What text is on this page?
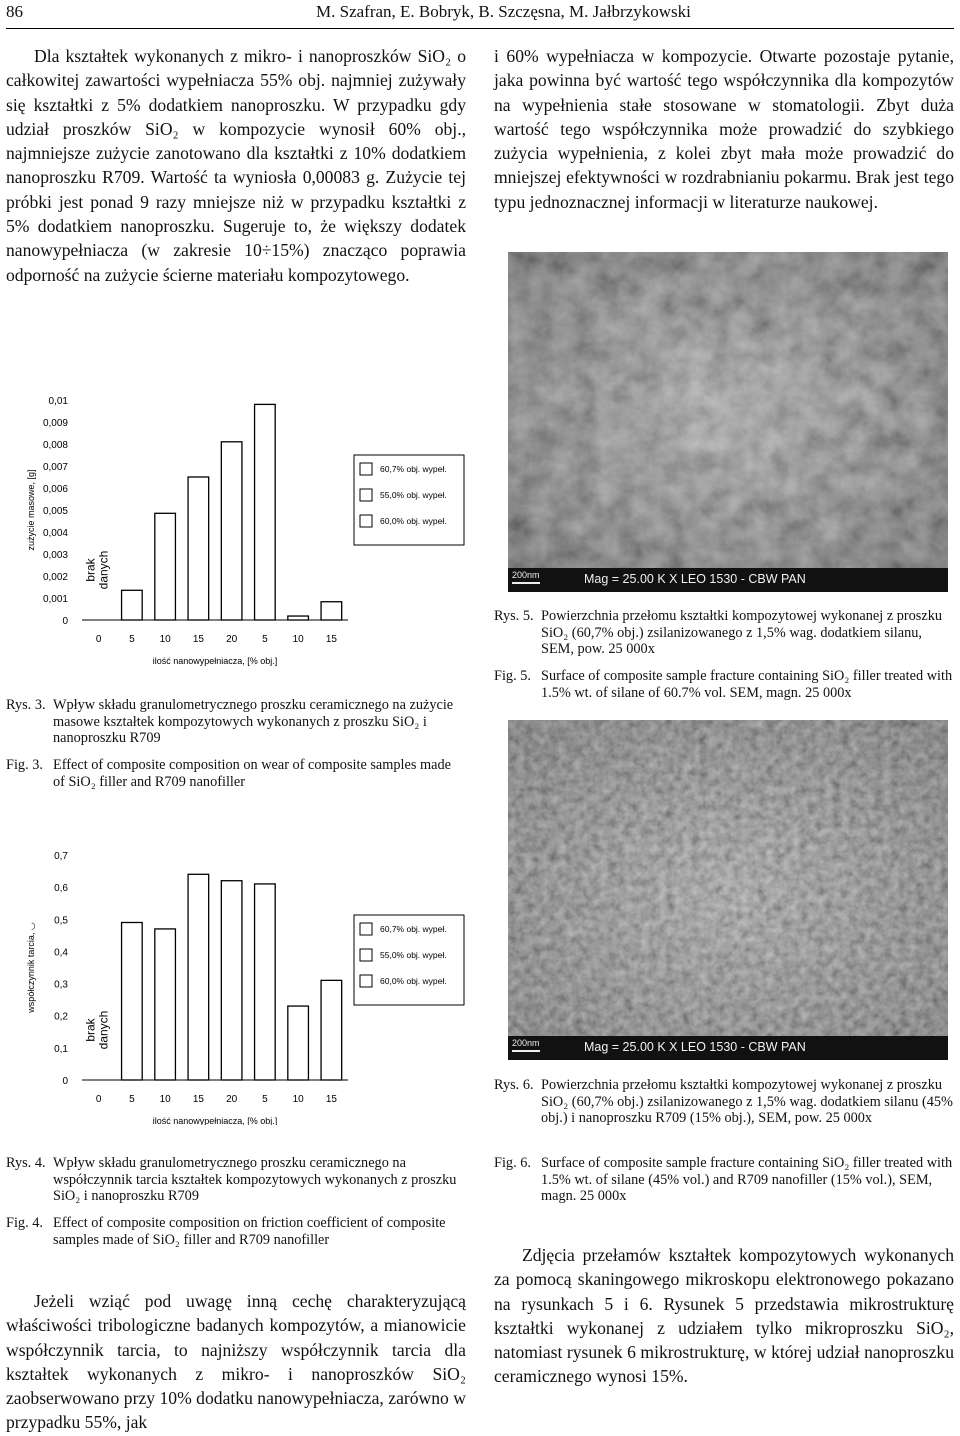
86	M. Szafran, E. Bobryk, B. Szczęsna, M. Jałbrzykowski
Dla kształtek wykonanych z mikro- i nanoproszków SiO₂ o całkowitej zawartości wypełniacza 55% obj. najmniej zużywały się kształtki z 5% dodatkiem nanoproszku. W przypadku gdy udział proszków SiO₂ w kompozycie wynosił 60% obj., najmniejsze zużycie zanotowano dla kształtki z 10% dodatkiem nanoproszku R709. Wartość ta wyniosła 0,00083 g. Zużycie tej próbki jest ponad 9 razy mniejsze niż w przypadku kształtki z 5% dodatkiem nanoproszku. Sugeruje to, że większy dodatek nanowypełniacza (w zakresie 10÷15%) znacząco poprawia odporność na zużycie ścierne materiału kompozytowego.
i 60% wypełniacza w kompozycie. Otwarte pozostaje pytanie, jaka powinna być wartość tego współczynnika dla kompozytów na wypełnienia stałe stosowane w stomatologii. Zbyt duża wartość tego współczynnika może prowadzić do szybkiego zużycia wypełnienia, z kolei zbyt mała może prowadzić do mniejszej efektywności w rozdrabnianiu pokarmu. Brak jest tego typu jednoznacznej informacji w literaturze naukowej.
0
0,001
0,002
0,003
0,004
0,005
0,006
0,007
0,008
0,009
0,01
zużycie masowe, [g]
0
brakdanych
5 10 15 20 5 10 15
ilość nanowypełniacza, [% obj.]
60,7% obj. wypeł.
55,0% obj. wypeł.
60,0% obj. wypeł.
Rys. 3. Wpływ składu granulometrycznego proszku ceramicznego na zużycie masowe kształtek kompozytowych wykonanych z proszku SiO₂ i nanoproszku R709
Fig. 3. Effect of composite composition on wear of composite samples made of SiO₂ filler and R709 nanofiller
0
0,1
0,2
0,3
0,4
0,5
0,6
0,7
współczynnik tarcia, ◡
0
brakdanych
5 10 15 20 5 10 15
ilość nanowypełniacza, [% obj.]
60,7% obj. wypeł.
55,0% obj. wypeł.
60,0% obj. wypeł.
Rys. 4. Wpływ składu granulometrycznego proszku ceramicznego na współczynnik tarcia kształtek kompozytowych wykonanych z proszku SiO₂ i nanoproszku R709
Fig. 4. Effect of composite composition on friction coefficient of composite samples made of SiO₂ filler and R709 nanofiller
Jeżeli wziąć pod uwagę inną cechę charakteryzującą właściwości tribologiczne badanych kompozytów, a mianowicie współczynnik tarcia, to najniższy współczynnik tarcia dla kształtek wykonanych z mikro- i nanoproszków SiO₂ zaobserwowano przy 10% dodatku nanowypełniacza, zarówno w przypadku 55%, jak
200nm	Mag = 25.00 K X LEO 1530 - CBW PAN
Rys. 5. Powierzchnia przełomu kształtki kompozytowej wykonanej z proszku SiO₂ (60,7% obj.) zsilanizowanego z 1,5% wag. dodatkiem silanu, SEM, pow. 25 000x
Fig. 5. Surface of composite sample fracture containing SiO₂ filler treated with 1.5% wt. of silane of 60.7% vol. SEM, magn. 25 000x
200nm	Mag = 25.00 K X LEO 1530 - CBW PAN
Rys. 6. Powierzchnia przełomu kształtki kompozytowej wykonanej z proszku SiO₂ (60,7% obj.) zsilanizowanego z 1,5% wag. dodatkiem silanu (45% obj.) i nanoproszku R709 (15% obj.), SEM, pow. 25 000x
Fig. 6. Surface of composite sample fracture containing SiO₂ filler treated with 1.5% wt. of silane (45% vol.) and R709 nanofiller (15% vol.), SEM, magn. 25 000x
Zdjęcia przełamów kształtek kompozytowych wykonanych za pomocą skaningowego mikroskopu elektronowego pokazano na rysunkach 5 i 6. Rysunek 5 przedstawia mikrostrukturę kształtki wykonanej z udziałem tylko mikroproszku SiO₂, natomiast rysunek 6 mikrostrukturę, w której udział nanoproszku ceramicznego wynosi 15%.
